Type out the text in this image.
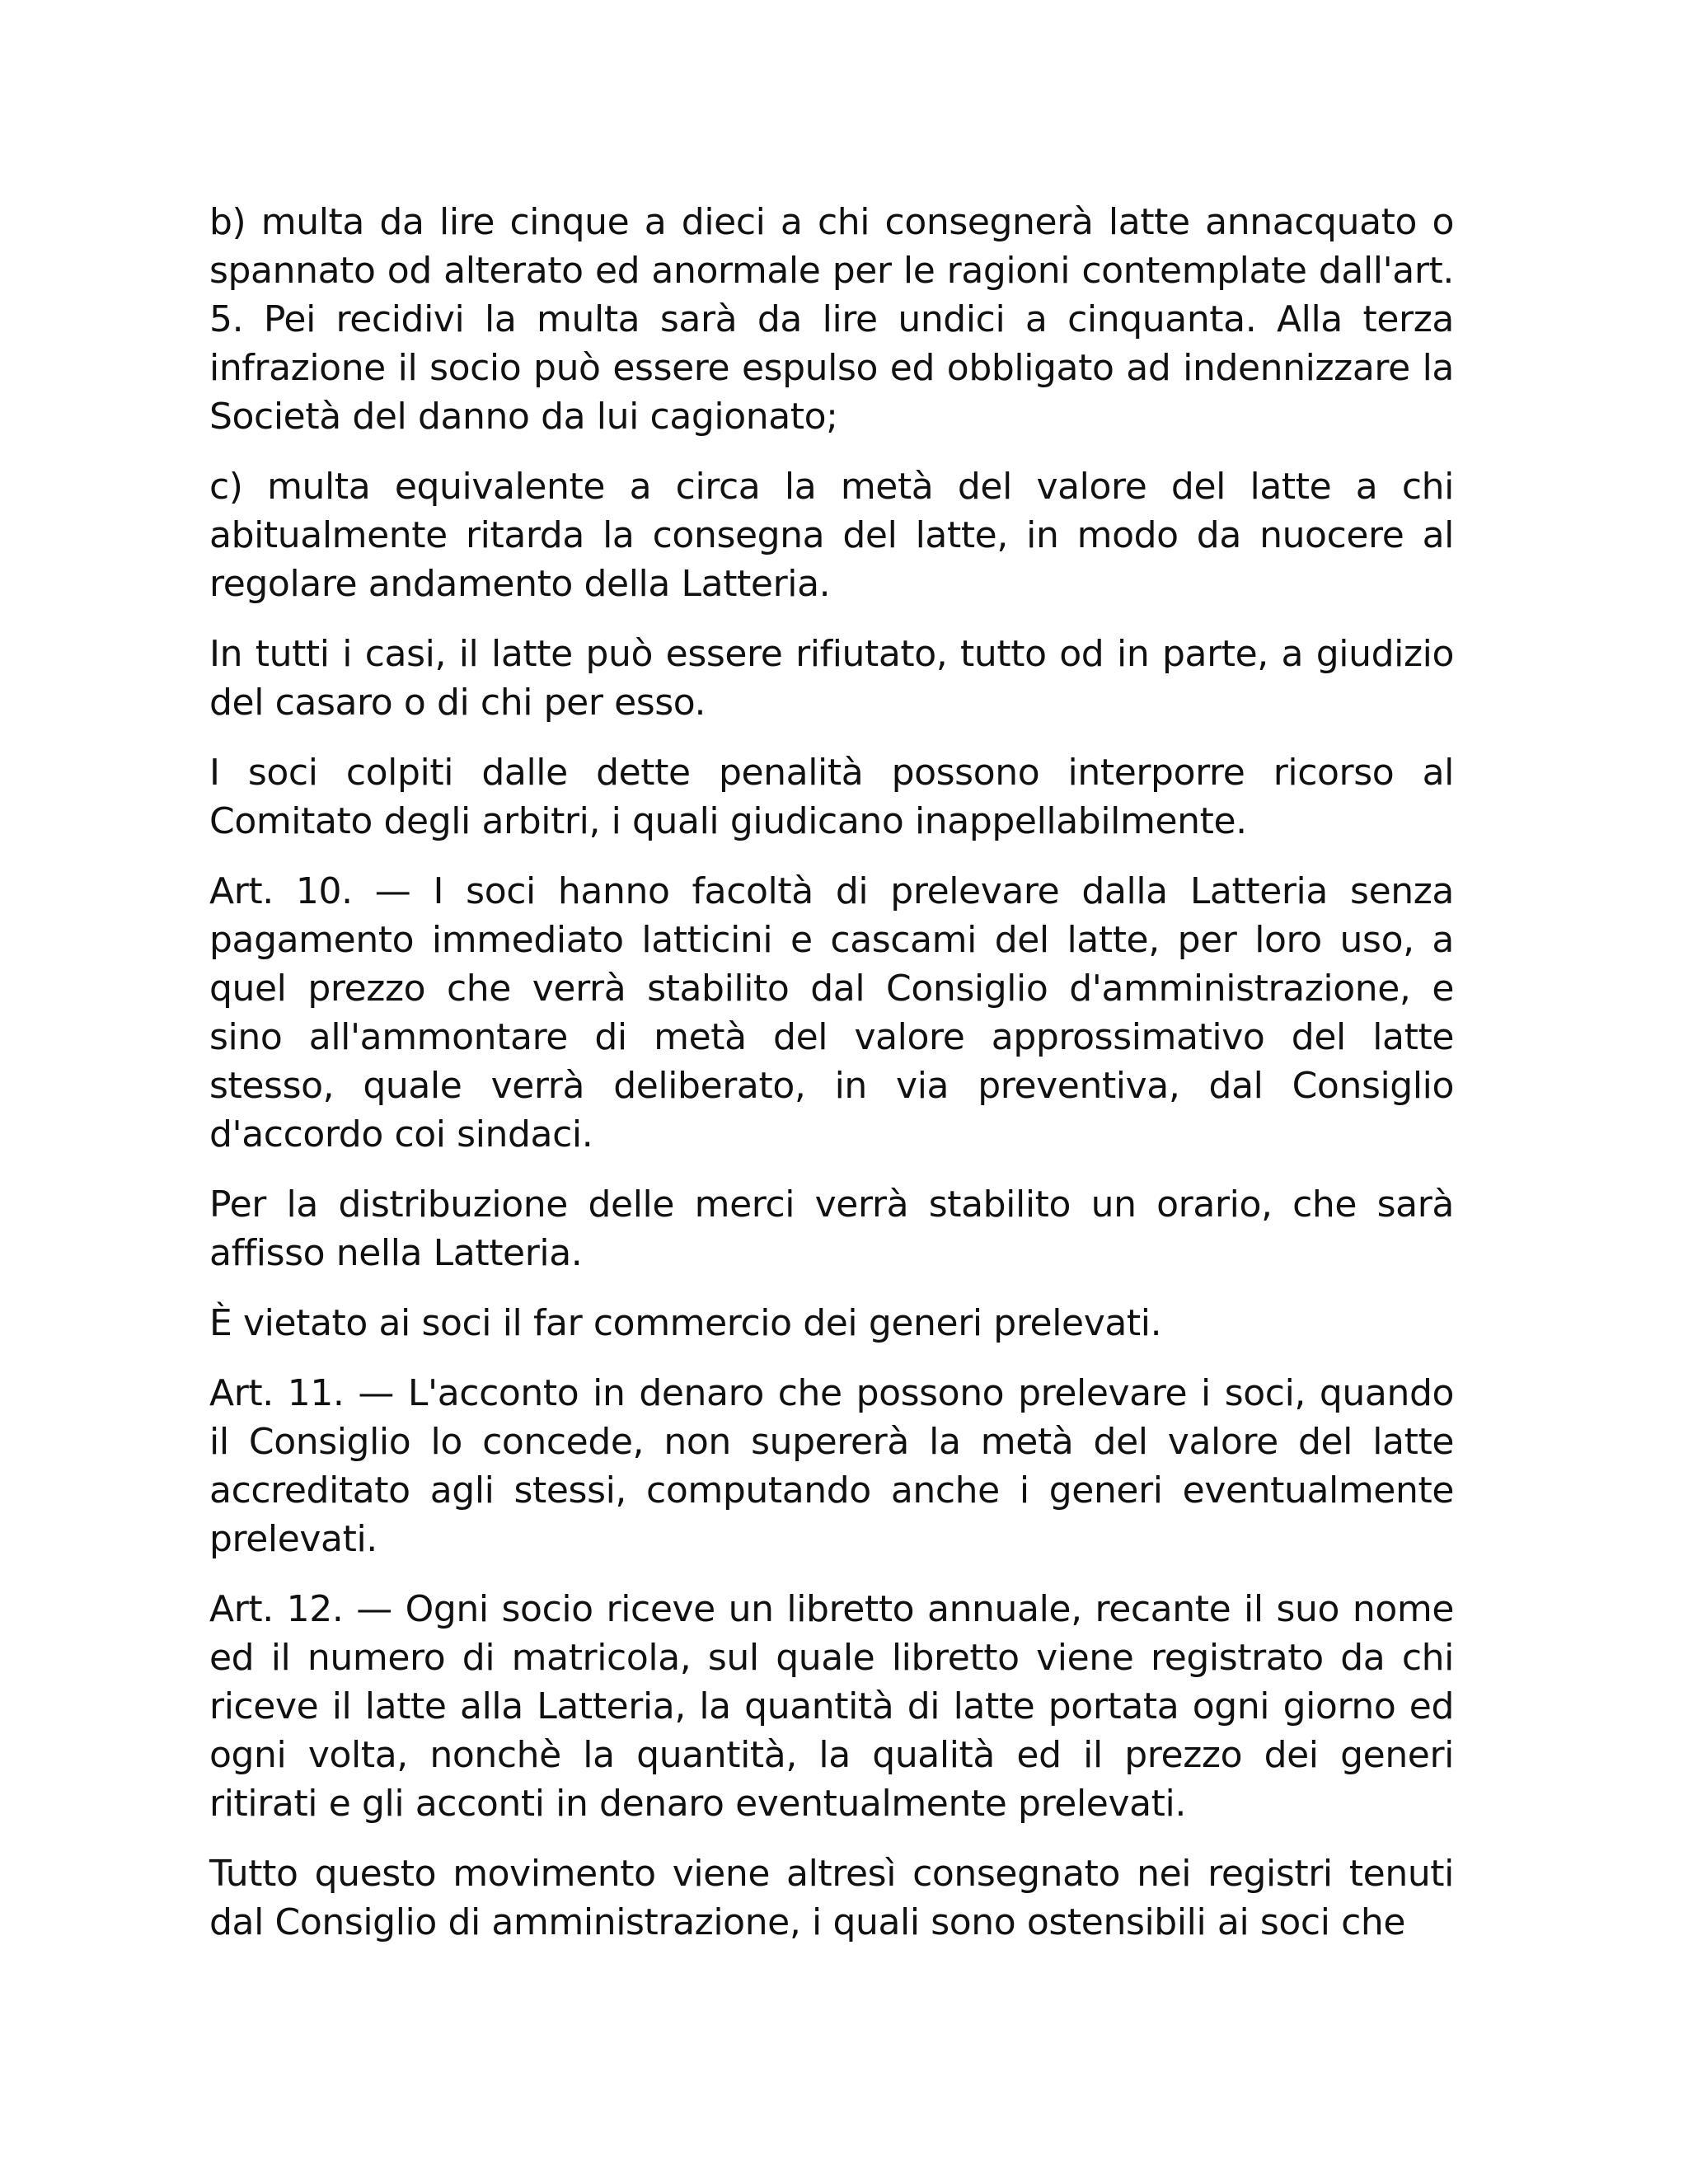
b) multa da lire cinque a dieci a chi consegnerà latte annacquato o spannato od alterato ed anormale per le ragioni contemplate dall'art. 5. Pei recidivi la multa sarà da lire undici a cinquanta. Alla terza infrazione il socio può essere espulso ed obbligato ad indennizzare la Società del danno da lui cagionato;

c) multa equivalente a circa la metà del valore del latte a chi abitualmente ritarda la consegna del latte, in modo da nuocere al regolare andamento della Latteria.

In tutti i casi, il latte può essere rifiutato, tutto od in parte, a giudizio del casaro o di chi per esso.

I soci colpiti dalle dette penalità possono interporre ricorso al Comitato degli arbitri, i quali giudicano inappellabilmente.

Art. 10. — I soci hanno facoltà di prelevare dalla Latteria senza pagamento immediato latticini e cascami del latte, per loro uso, a quel prezzo che verrà stabilito dal Consiglio d'amministrazione, e sino all'ammontare di metà del valore approssimativo del latte stesso, quale verrà deliberato, in via preventiva, dal Consiglio d'accordo coi sindaci.

Per la distribuzione delle merci verrà stabilito un orario, che sarà affisso nella Latteria.

È vietato ai soci il far commercio dei generi prelevati.

Art. 11. — L'acconto in denaro che possono prelevare i soci, quando il Consiglio lo concede, non supererà la metà del valore del latte accreditato agli stessi, computando anche i generi eventualmente prelevati.

Art. 12. — Ogni socio riceve un libretto annuale, recante il suo nome ed il numero di matricola, sul quale libretto viene registrato da chi riceve il latte alla Latteria, la quantità di latte portata ogni giorno ed ogni volta, nonchè la quantità, la qualità ed il prezzo dei generi ritirati e gli acconti in denaro eventualmente prelevati.

Tutto questo movimento viene altresì consegnato nei registri tenuti dal Consiglio di amministrazione, i quali sono ostensibili ai soci che
